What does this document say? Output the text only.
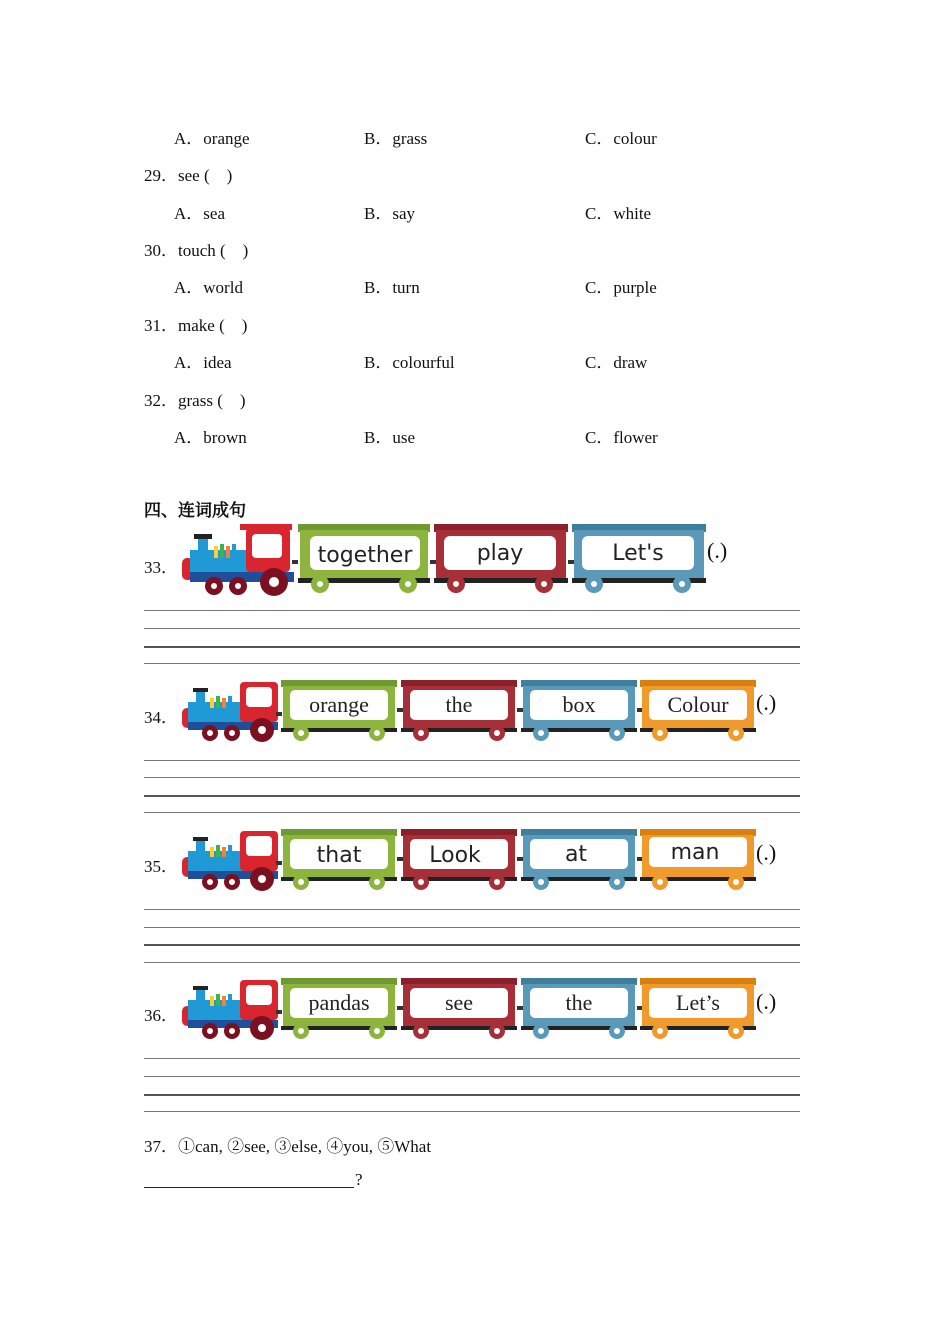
A．orange	B．grass	C．colour
29．see (　)
A．sea	B．say	C．white
30．touch (　)
A．world	B．turn	C．purple
31．make (　)
A．idea	B．colourful	C．draw
32．grass (　)
A．brown	B．use	C．flower
四、连词成句
33．	together	play	Let's (.)
34．
orange	the	box	Colour (.)
35．	that	Look	at	man (.)
36．
pandas	see	the	Let’s (.)
37．①can, ②see, ③else, ④you, ⑤What
?
